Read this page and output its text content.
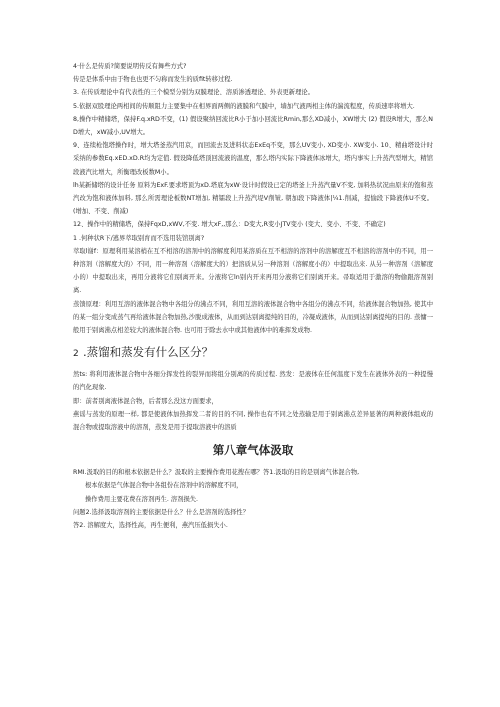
4·什么是传质?简要说明传反有舞些方式?

传是是体系中由于物也也更不匀称而发生的质fit转移过程.

3. 在传质理论中有代表性的三个模型分别为双膜理论、溶质渗透理论、外表更新理论。

5.依据双股理论两相间的传顺阻力主要集中在相界面两侧的液膜和气膜中，墙加气液两相主体的湍流程度，传质速率将增大.

8,操作中精储塔，保持F.q.xRD不变，(1) 假设聚纳回流比R小于加小回流比Rmin,那么XD减小，XW增大 (2) 假设R增大，那么ND增大，xW减小,UV增大。

9、连续枪饱塔操作时，增大塔釜蒸汽用京，而回流去及进料状态ExEq不变，那么UV变小, XD变小. XW变小. 10、精曲塔设计时采纳的参数Eq.xED.xD.R均为定值. 假设降低塔顶回流液的温度，那么塔内实际下降液体冰增大，塔内事实上升蒸汽型增大，精馆段液汽比增大，所衡理改板数M小。

lh某新储塔的设计任务 原料为ExF.要求塔顶为xD.塔底为xW·设计时假设已定的塔釜上升蒸汽量V不变, 加料热状况由原来的饱和蒸汽改为饱和液体加料, 那么所需理论板数NT增加, 精镭段上升蒸汽堤V削皱, 朝加段下降液体|¼1.削减，提愉段下降液体U不变。(增加、不变、削减)

12、操作中的精储塔，保持FqxD,xWV,不变. 增大xF,,那么：D变大,R变小JTV变小 (变大、变小、不变、不确定)

1 .何种状R下/逃界萃取别育而不选用装馆别离?

萃取l谢f：原理利用某溶梢在互不相溶的溶剂中的溶解度利用某溶质在互不相溶的溶剂中的溶解度互不相溶的溶剂中的不同，用一种溶剂（溶解度大的）不同，用一种溶剂（溶解度大的）把溶质从另一种溶剂（溶解度小的）中提取出来. 从另一种溶剂（溶解度小的）中提取出来，再用分液将它们别离开来。分液将它ln别内开来再用分液将它们别离开来。帚取适用于激溶的物偷跟溶剂别离.

蒸馈原理：利用互溶的液体混合物中各组分的沸点不同，利用互溶的液体混合物中各组分的沸点不同，给液体混合物加热, 使其中的某一组分变成蒸气再给液体混合物加热,沙脱成液体，从而到达别离提纯的目的，冷凝成液体，从而到达别离提纯的目的. 蒸慵一般用于别离沸点相差较大的液体混合物. 也可用于除去水中或其他液体中的难挥发成物.

2 .蒸馏和蒸发有什么区分？

然ts: 将利用液体混合物中各细分挥发性的裂异而将组分别离的传质过程. 然发：是液体在任何温度下发生在液体外表的一种提慢的汽化现象.

即：前者别离液体混合物，后者那么没这方面要求，

燕谣与蒸发的原理一样, 都是使液体加热挥发二者的目的不同, 操作也有不同之处蒸输是用于别离沸点差异显著的两种液体组成的混合物或提取溶液中的溶剂，蒸发是用于提取溶液中的溶质

第八章气体汲取

RMI.汲取的目的和根本依据是什么？汲取的主要操作费用花搜在哪？答1.汲取的目的是别离气体混合物,

根本依据是气体混合物中各组份在溶剂中的溶解度不同，

操作费用主要花费在溶剂再生. 溶剂损失.

问题2.选择汲取溶剂的主要依据是什么？什么是溶剂的选择性？

答2. 溶解度大，选择性高，再生便利，燕汽压低损失小.
